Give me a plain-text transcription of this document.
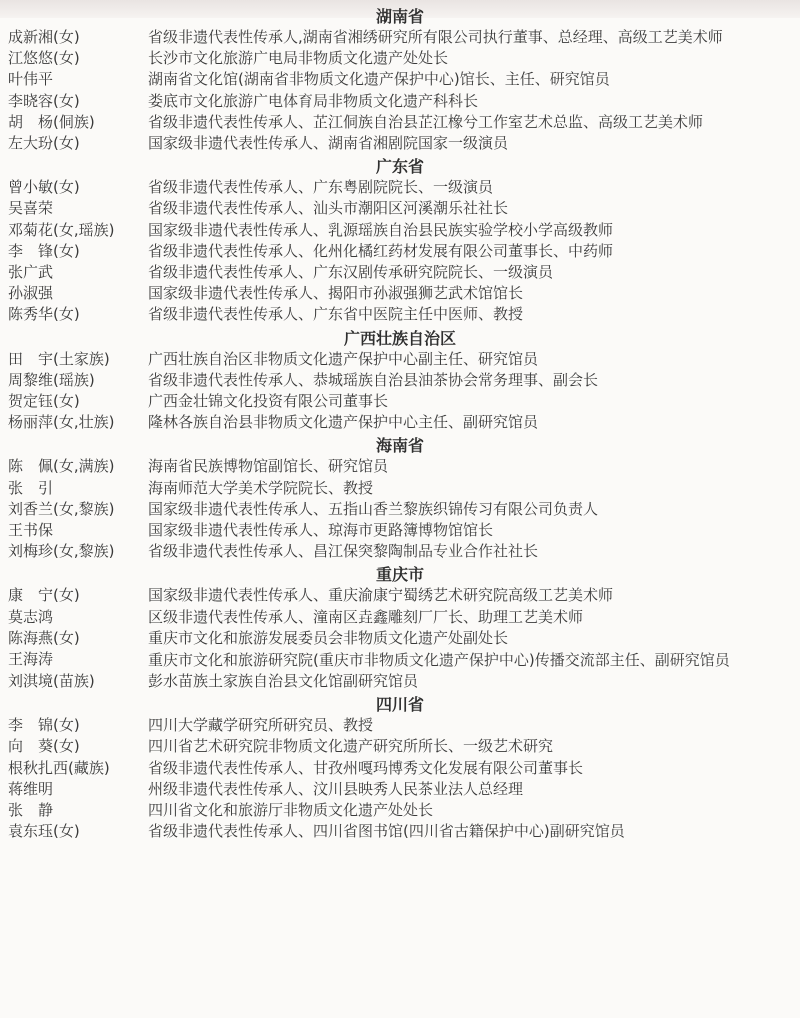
湖南省
成新湘(女)	省级非遗代表性传承人,湖南省湘绣研究所有限公司执行董事、总经理、高级工艺美术师
江悠悠(女)	长沙市文化旅游广电局非物质文化遗产处处长
叶伟平	湖南省文化馆(湖南省非物质文化遗产保护中心)馆长、主任、研究馆员
李晓容(女)	娄底市文化旅游广电体育局非物质文化遗产科科长
胡　杨(侗族)	省级非遗代表性传承人、芷江侗族自治县芷江橡兮工作室艺术总监、高级工艺美术师
左大玢(女)	国家级非遗代表性传承人、湖南省湘剧院国家一级演员
广东省
曾小敏(女)	省级非遗代表性传承人、广东粤剧院院长、一级演员
吴喜荣	省级非遗代表性传承人、汕头市潮阳区河溪潮乐社社长
邓菊花(女,瑶族)	国家级非遗代表性传承人、乳源瑶族自治县民族实验学校小学高级教师
李　锋(女)	省级非遗代表性传承人、化州化橘红药材发展有限公司董事长、中药师
张广武	省级非遗代表性传承人、广东汉剧传承研究院院长、一级演员
孙淑强	国家级非遗代表性传承人、揭阳市孙淑强狮艺武术馆馆长
陈秀华(女)	省级非遗代表性传承人、广东省中医院主任中医师、教授
广西壮族自治区
田　宇(土家族)	广西壮族自治区非物质文化遗产保护中心副主任、研究馆员
周黎维(瑶族)	省级非遗代表性传承人、恭城瑶族自治县油茶协会常务理事、副会长
贺定钰(女)	广西金壮锦文化投资有限公司董事长
杨丽萍(女,壮族)	隆林各族自治县非物质文化遗产保护中心主任、副研究馆员
海南省
陈　佩(女,满族)	海南省民族博物馆副馆长、研究馆员
张　引	海南师范大学美术学院院长、教授
刘香兰(女,黎族)	国家级非遗代表性传承人、五指山香兰黎族织锦传习有限公司负责人
王书保	国家级非遗代表性传承人、琼海市更路簿博物馆馆长
刘梅珍(女,黎族)	省级非遗代表性传承人、昌江保突黎陶制品专业合作社社长
重庆市
康　宁(女)	国家级非遗代表性传承人、重庆渝康宁蜀绣艺术研究院高级工艺美术师
莫志鸿	区级非遗代表性传承人、潼南区垚鑫雕刻厂厂长、助理工艺美术师
陈海燕(女)	重庆市文化和旅游发展委员会非物质文化遗产处副处长
王海涛	重庆市文化和旅游研究院(重庆市非物质文化遗产保护中心)传播交流部主任、副研究馆员
刘淇境(苗族)	彭水苗族土家族自治县文化馆副研究馆员
四川省
李　锦(女)	四川大学藏学研究所研究员、教授
向　葵(女)	四川省艺术研究院非物质文化遗产研究所所长、一级艺术研究
根秋扎西(藏族)	省级非遗代表性传承人、甘孜州嘎玛博秀文化发展有限公司董事长
蒋维明	州级非遗代表性传承人、汶川县映秀人民茶业法人总经理
张　静	四川省文化和旅游厅非物质文化遗产处处长
袁东珏(女)	省级非遗代表性传承人、四川省图书馆(四川省古籍保护中心)副研究馆员
